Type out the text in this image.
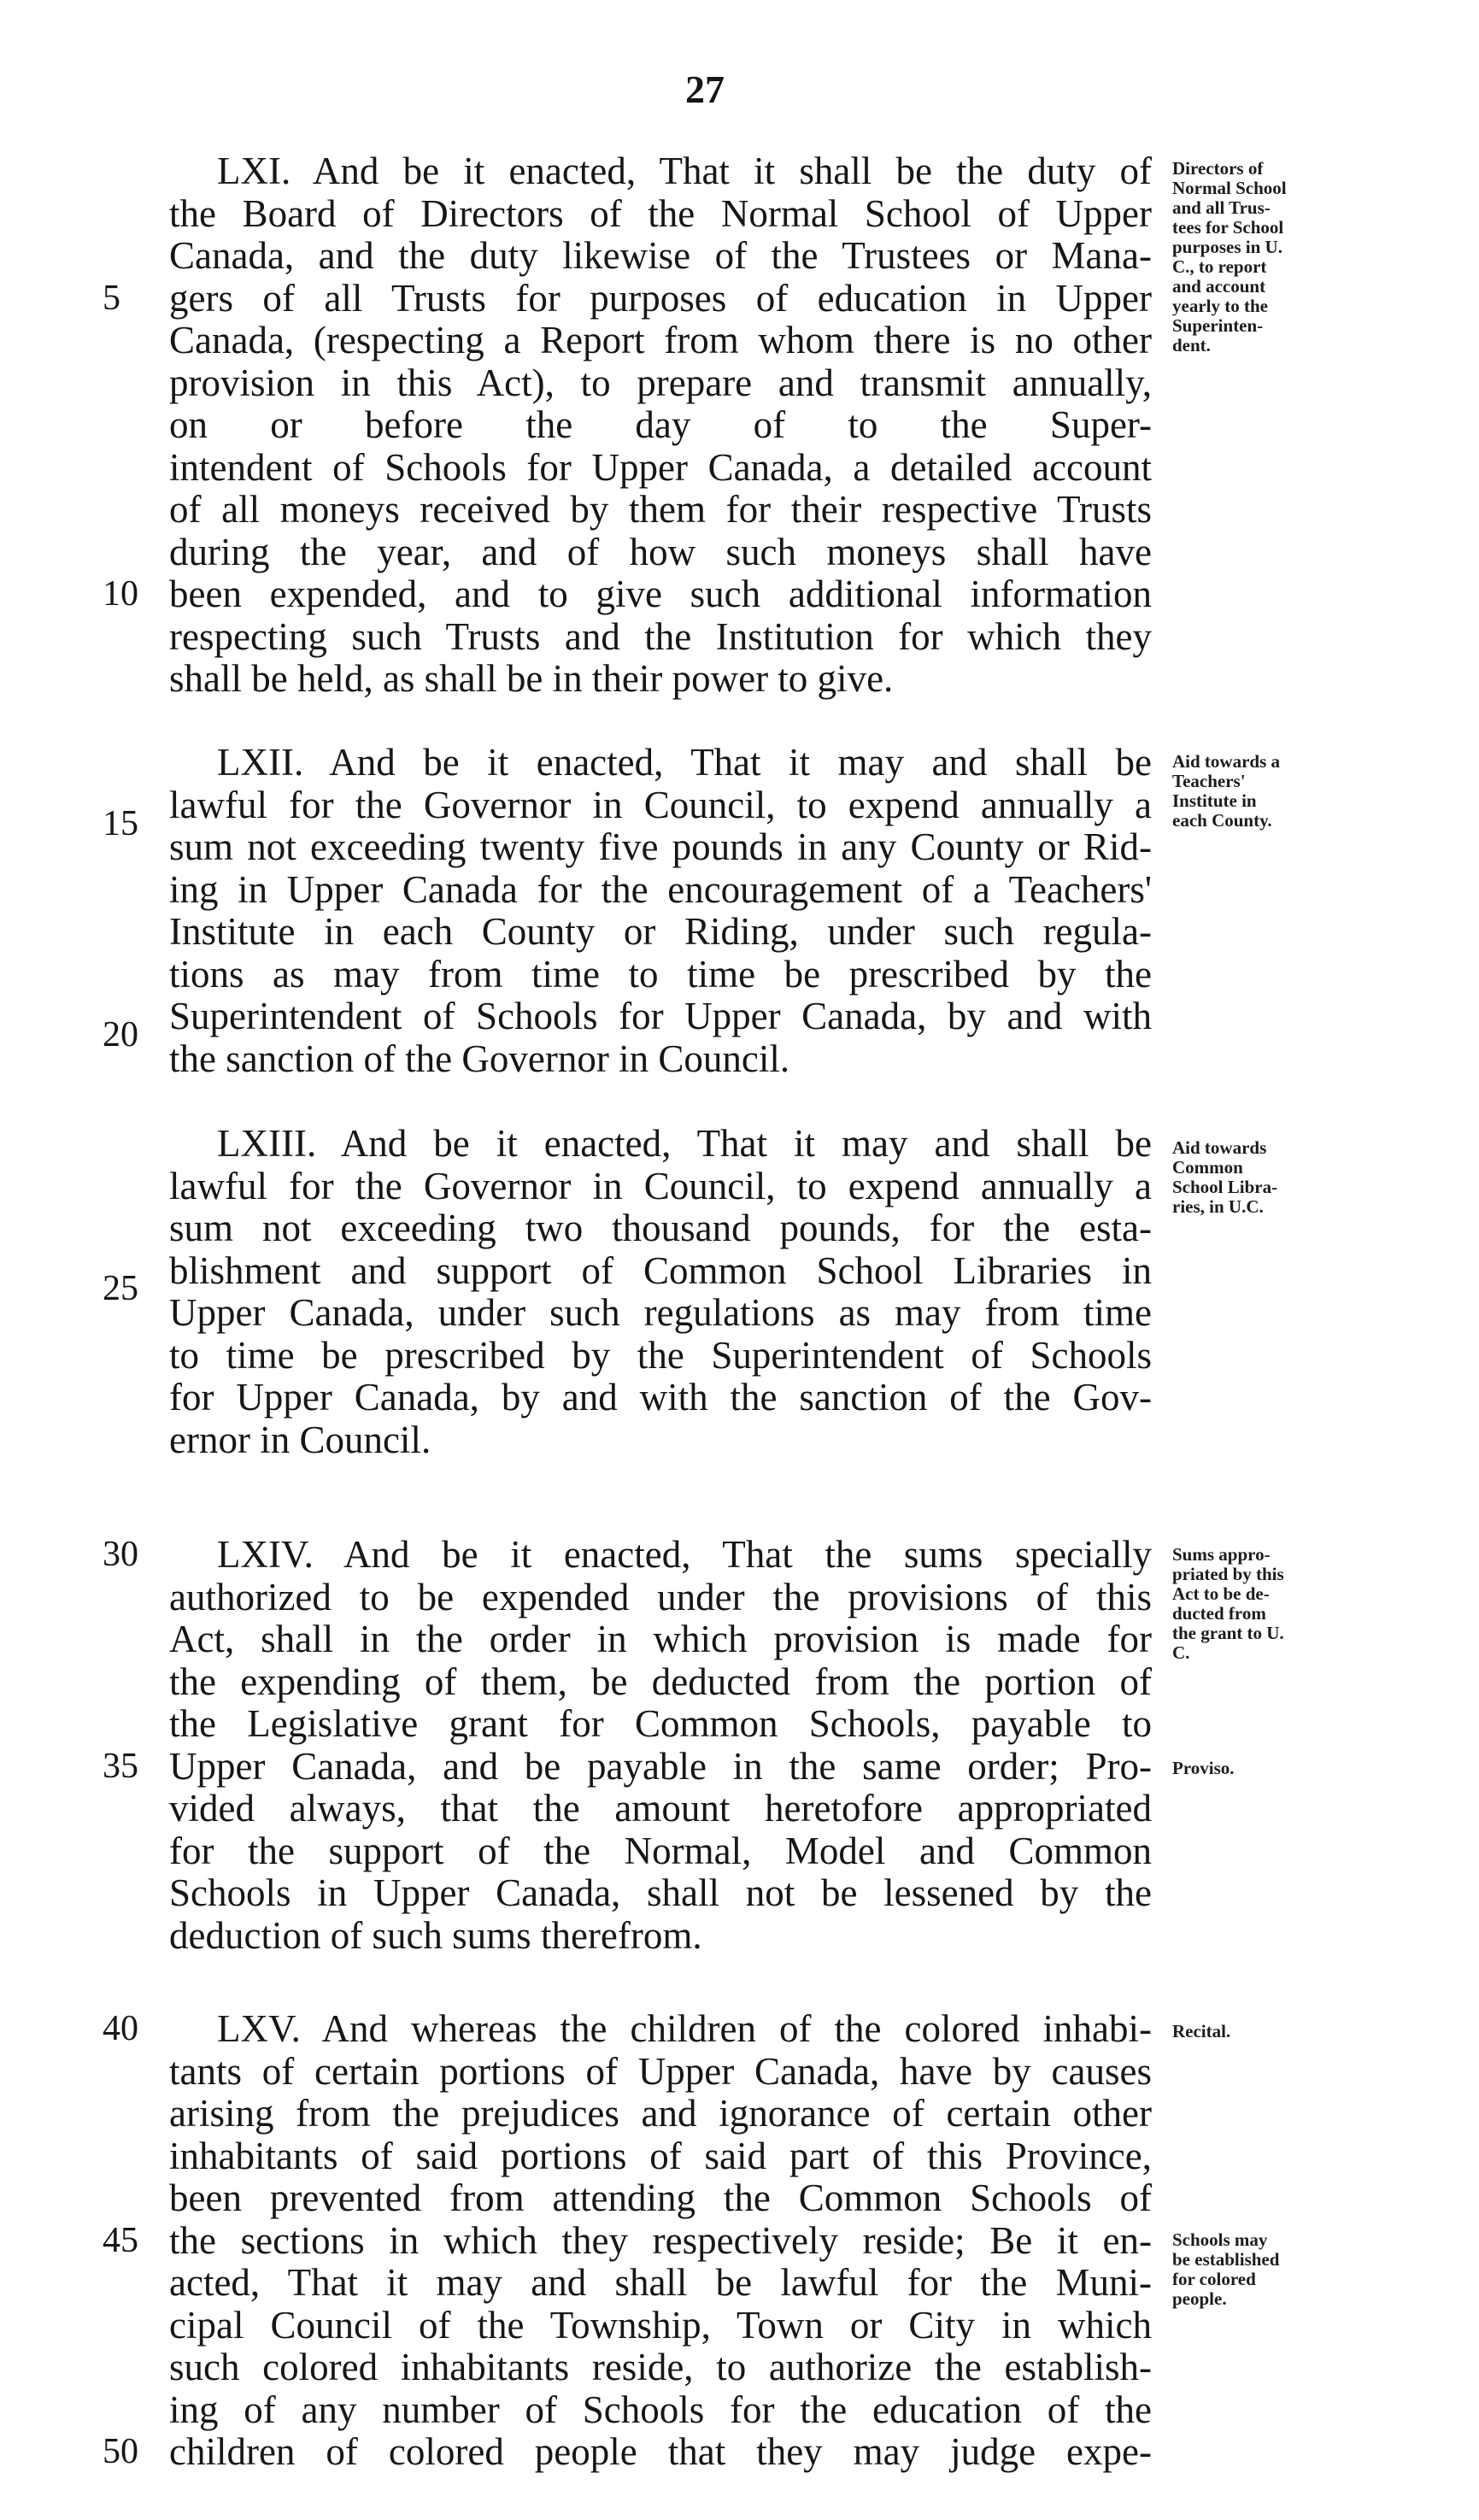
27
5
10
15
20
25
30
35
40
45
50
LXI. And be it enacted, That it shall be the duty of
the Board of Directors of the Normal School of Upper
Canada, and the duty likewise of the Trustees or Mana-
gers of all Trusts for purposes of education in Upper
Canada, (respecting a Report from whom there is no other
provision in this Act), to prepare and transmit annually,
on or before the day of to the Super-
intendent of Schools for Upper Canada, a detailed account
of all moneys received by them for their respective Trusts
during the year, and of how such moneys shall have
been expended, and to give such additional information
respecting such Trusts and the Institution for which they
shall be held, as shall be in their power to give.
Directors of
Normal School
and all Trus-
tees for School
purposes in U.
C., to report
and account
yearly to the
Superinten-
dent.
LXII. And be it enacted, That it may and shall be
lawful for the Governor in Council, to expend annually a
sum not exceeding twenty five pounds in any County or Rid-
ing in Upper Canada for the encouragement of a Teachers'
Institute in each County or Riding, under such regula-
tions as may from time to time be prescribed by the
Superintendent of Schools for Upper Canada, by and with
the sanction of the Governor in Council.
Aid towards a
Teachers'
Institute in
each County.
LXIII. And be it enacted, That it may and shall be
lawful for the Governor in Council, to expend annually a
sum not exceeding two thousand pounds, for the esta-
blishment and support of Common School Libraries in
Upper Canada, under such regulations as may from time
to time be prescribed by the Superintendent of Schools
for Upper Canada, by and with the sanction of the Gov-
ernor in Council.
Aid towards
Common
School Libra-
ries, in U.C.
LXIV. And be it enacted, That the sums specially
authorized to be expended under the provisions of this
Act, shall in the order in which provision is made for
the expending of them, be deducted from the portion of
the Legislative grant for Common Schools, payable to
Upper Canada, and be payable in the same order; Pro-
vided always, that the amount heretofore appropriated
for the support of the Normal, Model and Common
Schools in Upper Canada, shall not be lessened by the
deduction of such sums therefrom.
Sums appro-
priated by this
Act to be de-
ducted from
the grant to U.
C.
Proviso.
LXV. And whereas the children of the colored inhabi-
tants of certain portions of Upper Canada, have by causes
arising from the prejudices and ignorance of certain other
inhabitants of said portions of said part of this Province,
been prevented from attending the Common Schools of
the sections in which they respectively reside; Be it en-
acted, That it may and shall be lawful for the Muni-
cipal Council of the Township, Town or City in which
such colored inhabitants reside, to authorize the establish-
ing of any number of Schools for the education of the
children of colored people that they may judge expe-
Recital.
Schools may
be established
for colored
people.
